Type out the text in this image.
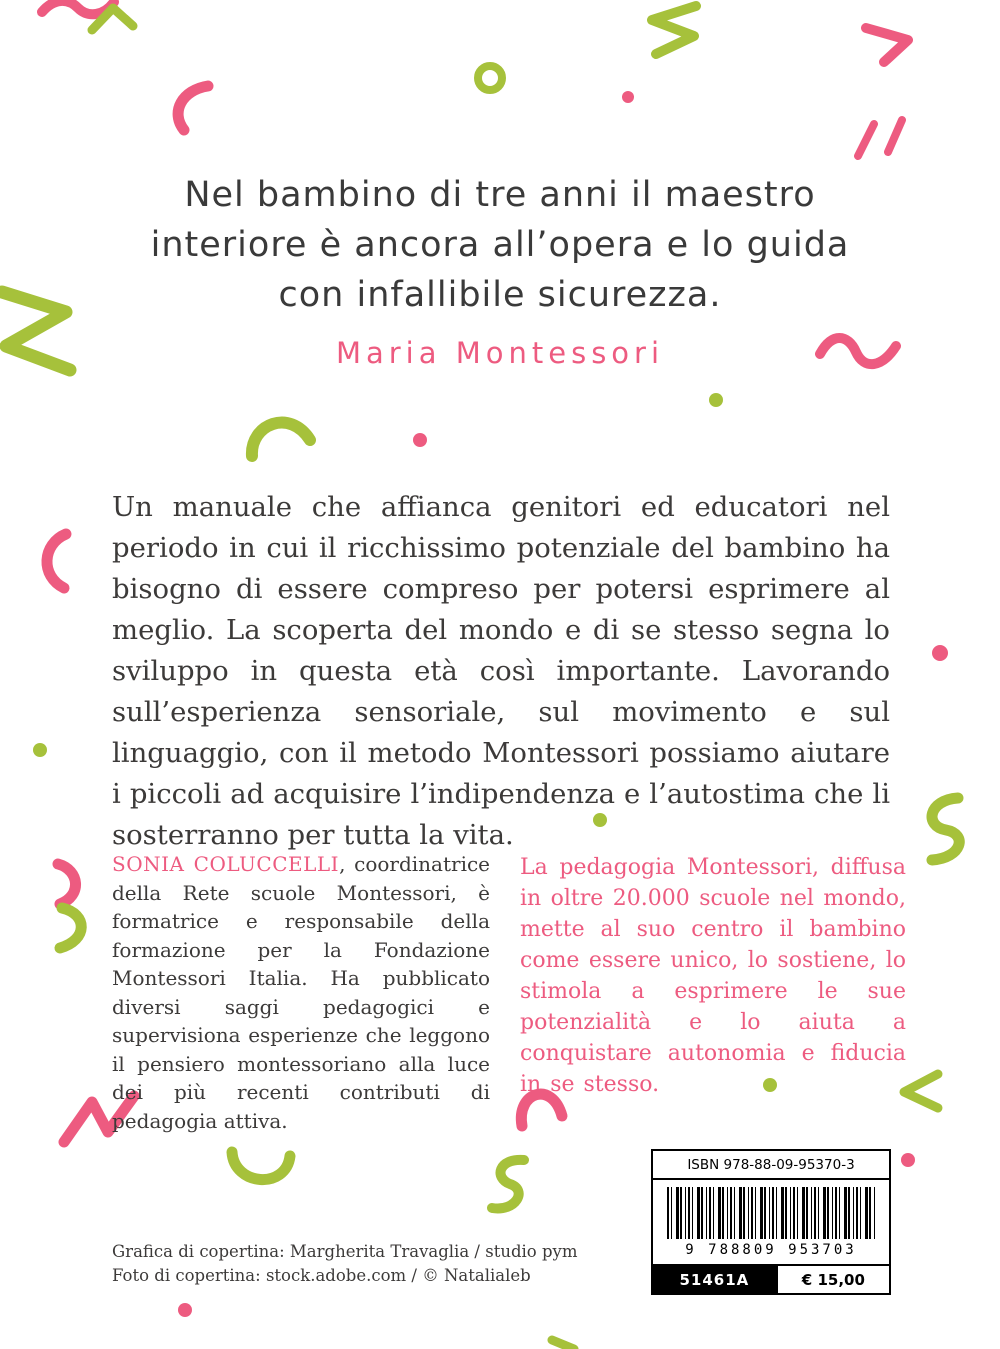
Nel bambino di tre anni il maestro
interiore è ancora all’opera e lo guida
con infallibile sicurezza.
Maria Montessori

Un manuale che affianca genitori ed educatori nel periodo in cui il ricchissimo potenziale del bambino ha bisogno di essere compreso per potersi esprimere al meglio. La scoperta del mondo e di se stesso segna lo sviluppo in questa età così importante. Lavorando sull’esperienza sensoriale, sul movimento e sul linguaggio, con il metodo Montessori possiamo aiutare i piccoli ad acquisire l’indipendenza e l’autostima che li sosterranno per tutta la vita.

SONIA COLUCCELLI, coordinatrice della Rete scuole Montessori, è formatrice e responsabile della formazione per la Fondazione Montessori Italia. Ha pubblicato diversi saggi pedagogici e supervisiona esperienze che leggono il pensiero montessoriano alla luce dei più recenti contributi di pedagogia attiva.

La pedagogia Montessori, diffusa in oltre 20.000 scuole nel mondo, mette al suo centro il bambino come essere unico, lo sostiene, lo stimola a esprimere le sue potenzialità e lo aiuta a conquistare autonomia e fiducia in se stesso.

Grafica di copertina: Margherita Travaglia / studio pym
Foto di copertina: stock.adobe.com / © Natalialeb
ISBN 978-88-09-95370-3
9 788809 953703
51461A	€ 15,00
